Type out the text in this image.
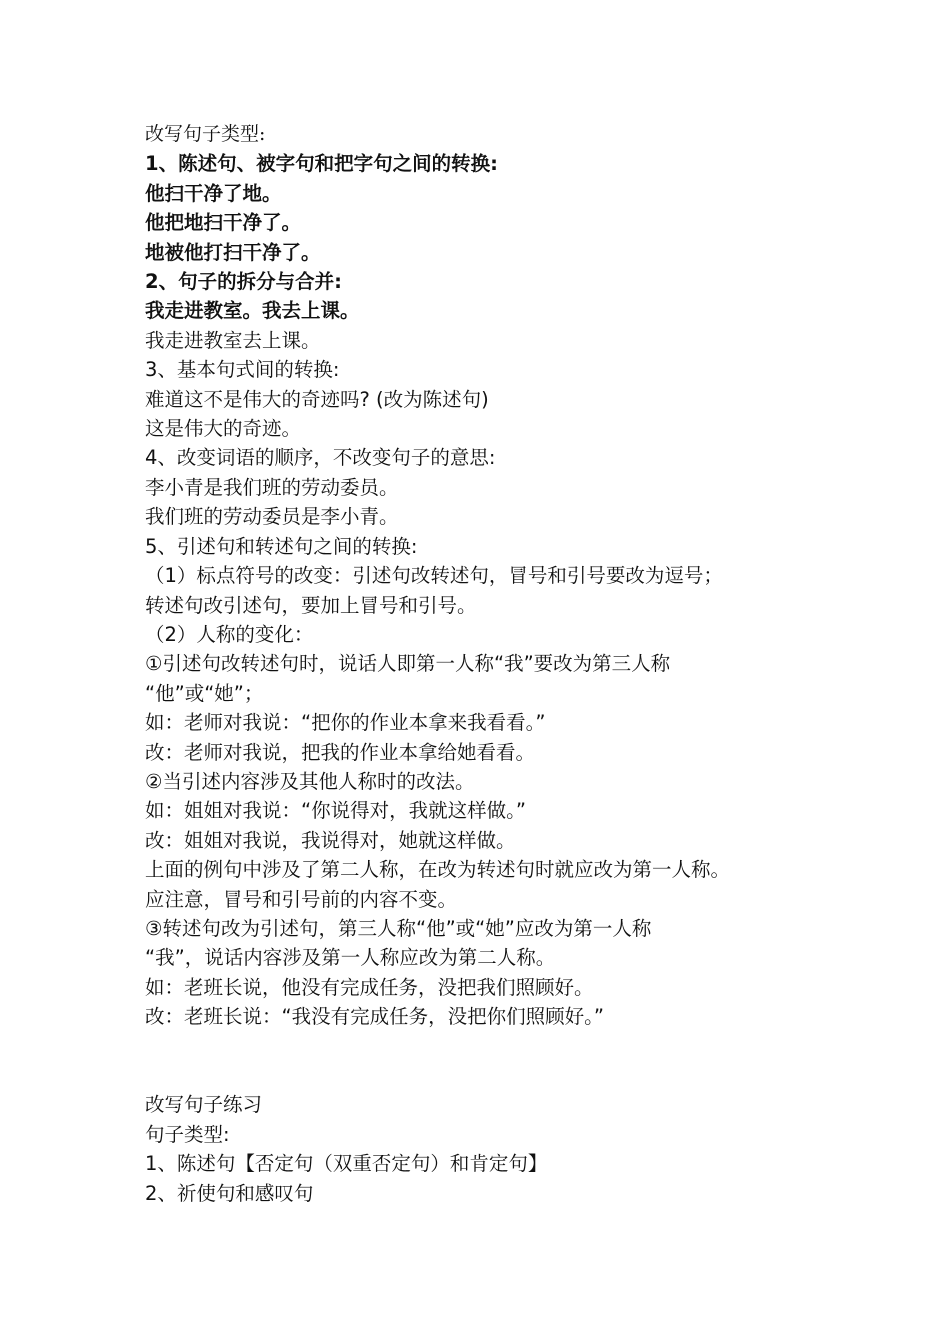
改写句子类型:
1、陈述句、被字句和把字句之间的转换:
他扫干净了地。
他把地扫干净了。
地被他打扫干净了。
2、句子的拆分与合并:
我走进教室。我去上课。
我走进教室去上课。
3、基本句式间的转换:
难道这不是伟大的奇迹吗? (改为陈述句)
这是伟大的奇迹。
4、改变词语的顺序，不改变句子的意思:
李小青是我们班的劳动委员。
我们班的劳动委员是李小青。
5、引述句和转述句之间的转换:
（1）标点符号的改变：引述句改转述句，冒号和引号要改为逗号；
转述句改引述句，要加上冒号和引号。
（2）人称的变化：
①引述句改转述句时，说话人即第一人称“我”要改为第三人称
“他”或“她”；
如：老师对我说：“把你的作业本拿来我看看。”
改：老师对我说，把我的作业本拿给她看看。
②当引述内容涉及其他人称时的改法。
如：姐姐对我说：“你说得对，我就这样做。”
改：姐姐对我说，我说得对，她就这样做。
上面的例句中涉及了第二人称，在改为转述句时就应改为第一人称。
应注意，冒号和引号前的内容不变。
③转述句改为引述句，第三人称“他”或“她”应改为第一人称
“我”，说话内容涉及第一人称应改为第二人称。
如：老班长说，他没有完成任务，没把我们照顾好。
改：老班长说：“我没有完成任务，没把你们照顾好。”
改写句子练习
句子类型:
1、陈述句【否定句（双重否定句）和肯定句】
2、祈使句和感叹句
